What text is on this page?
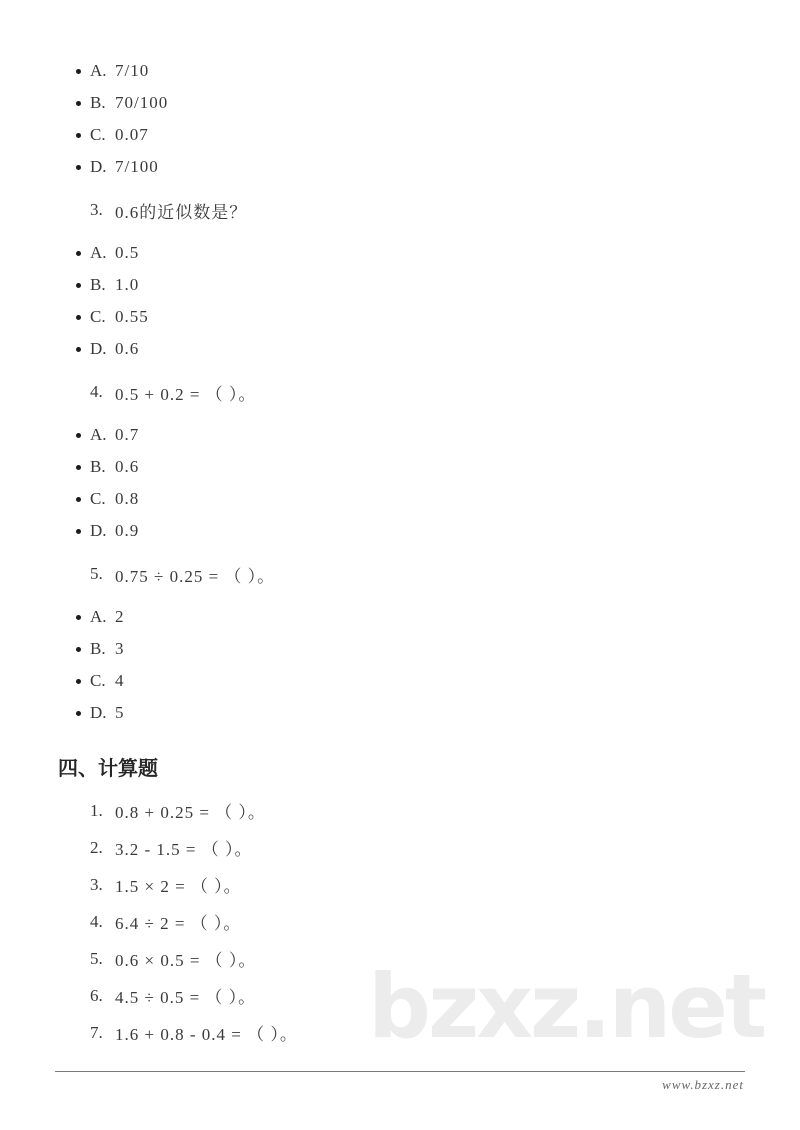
bzxz.net
A. 7/10
B. 70/100
C. 0.07
D. 7/100
3. 0.6的近似数是？
A. 0.5
B. 1.0
C. 0.55
D. 0.6
4. 0.5 + 0.2 = （ ）。
A. 0.7
B. 0.6
C. 0.8
D. 0.9
5. 0.75 ÷ 0.25 = （ ）。
A. 2
B. 3
C. 4
D. 5
四、计算题
1. 0.8 + 0.25 = （ ）。
2. 3.2 - 1.5 = （ ）。
3. 1.5 × 2 = （ ）。
4. 6.4 ÷ 2 = （ ）。
5. 0.6 × 0.5 = （ ）。
6. 4.5 ÷ 0.5 = （ ）。
7. 1.6 + 0.8 - 0.4 = （ ）。
www.bzxz.net
